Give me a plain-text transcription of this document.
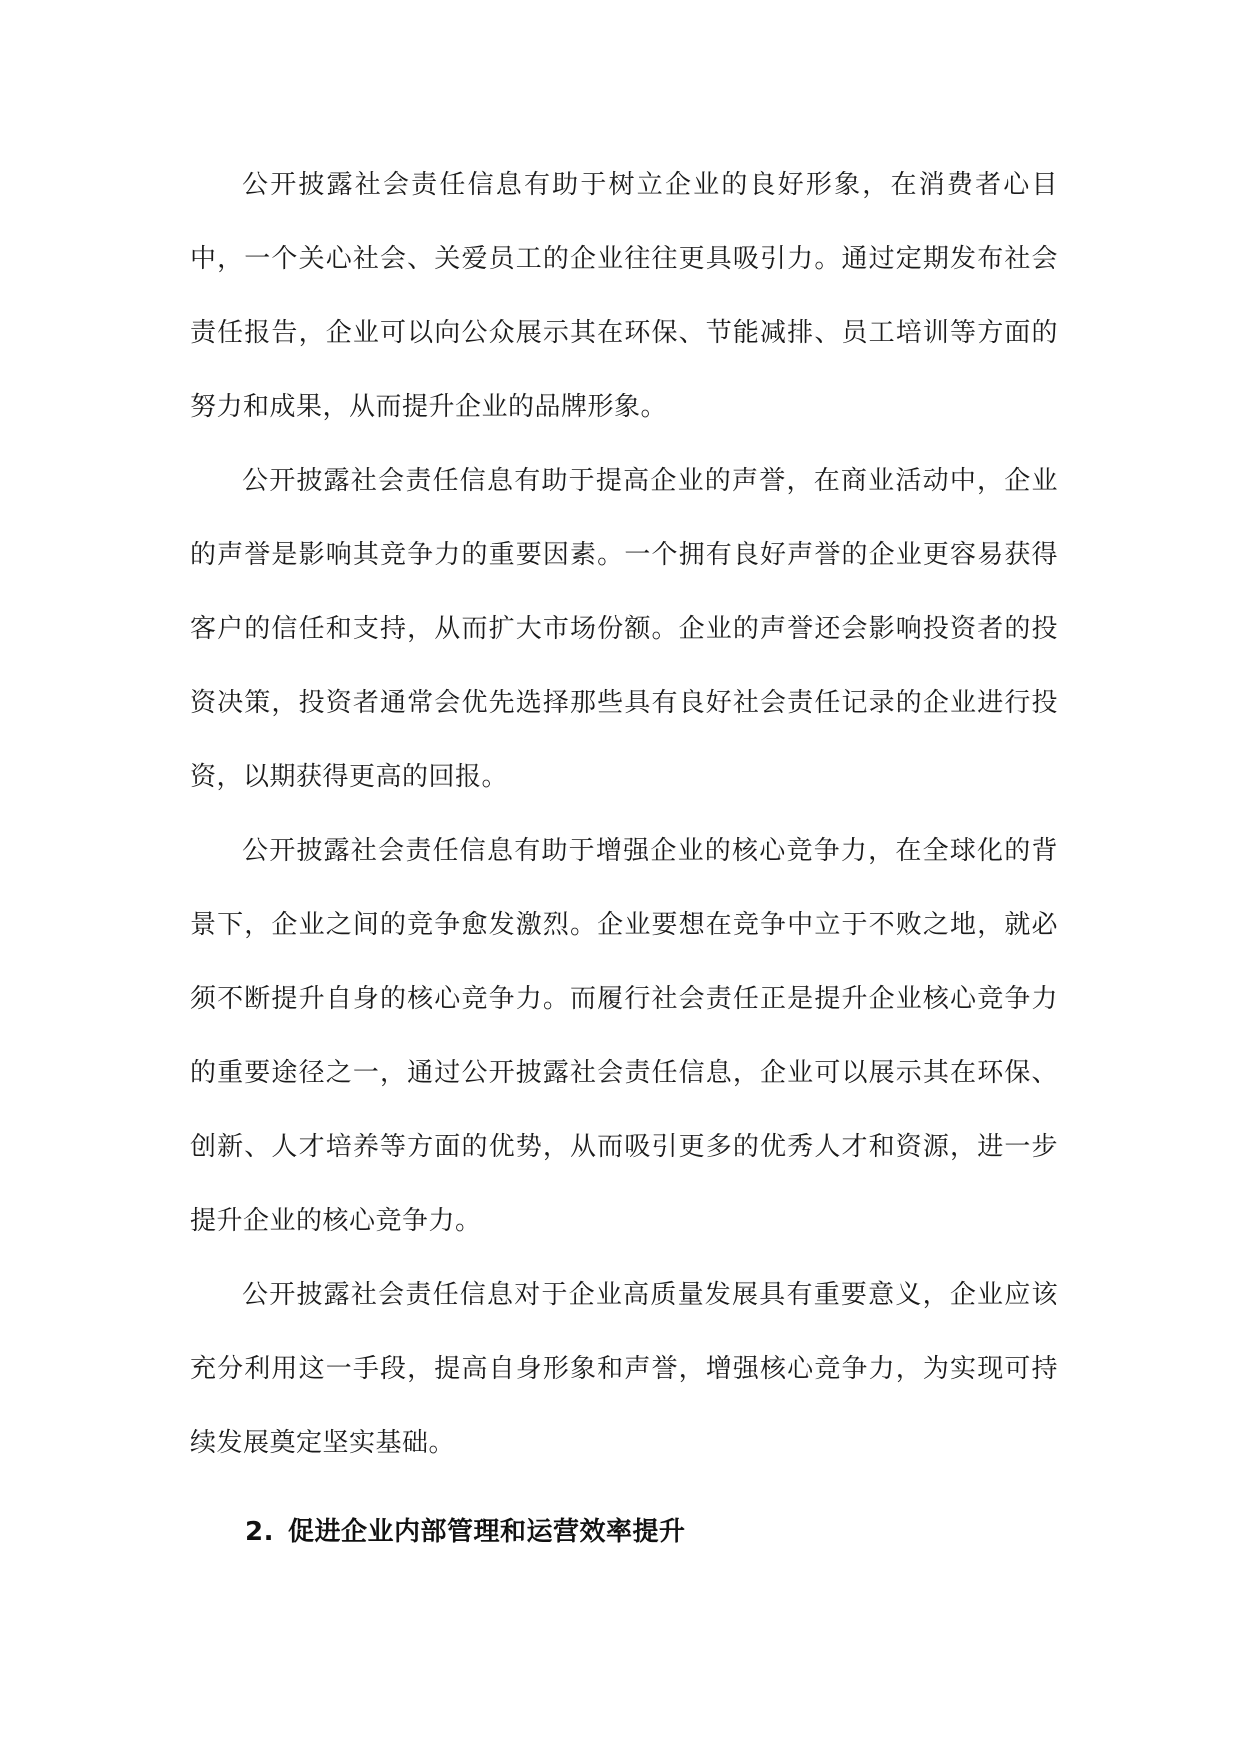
公开披露社会责任信息有助于树立企业的良好形象，在消费者心目中，一个关心社会、关爱员工的企业往往更具吸引力。通过定期发布社会责任报告，企业可以向公众展示其在环保、节能减排、员工培训等方面的努力和成果，从而提升企业的品牌形象。

公开披露社会责任信息有助于提高企业的声誉，在商业活动中，企业的声誉是影响其竞争力的重要因素。一个拥有良好声誉的企业更容易获得客户的信任和支持，从而扩大市场份额。企业的声誉还会影响投资者的投资决策，投资者通常会优先选择那些具有良好社会责任记录的企业进行投资，以期获得更高的回报。

公开披露社会责任信息有助于增强企业的核心竞争力，在全球化的背景下，企业之间的竞争愈发激烈。企业要想在竞争中立于不败之地，就必须不断提升自身的核心竞争力。而履行社会责任正是提升企业核心竞争力的重要途径之一，通过公开披露社会责任信息，企业可以展示其在环保、创新、人才培养等方面的优势，从而吸引更多的优秀人才和资源，进一步提升企业的核心竞争力。

公开披露社会责任信息对于企业高质量发展具有重要意义，企业应该充分利用这一手段，提高自身形象和声誉，增强核心竞争力，为实现可持续发展奠定坚实基础。

2. 促进企业内部管理和运营效率提升
